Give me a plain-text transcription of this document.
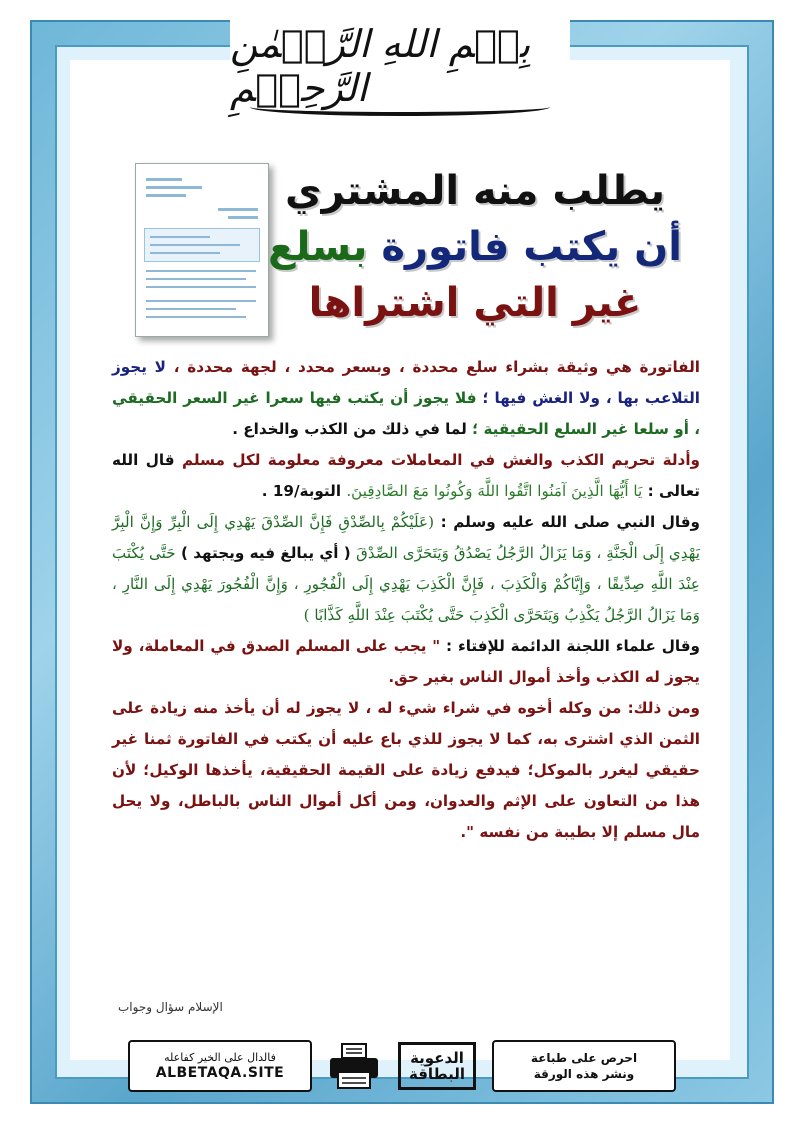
بِسۡمِ اللهِ الرَّحۡمٰنِ الرَّحِيۡمِ
يطلب منه المشتري
أن يكتب فاتورة بسلع
غير التي اشتراها

الفاتورة هي وثيقة بشراء سلع محددة ، وبسعر محدد ، لجهة محددة ، لا يجوز التلاعب بها ، ولا الغش فيها ؛ فلا يجوز أن يكتب فيها سعرا غير السعر الحقيقي ، أو سلعا غير السلع الحقيقية ؛ لما في ذلك من الكذب والخداع .

وأدلة تحريم الكذب والغش في المعاملات معروفة معلومة لكل مسلم قال الله تعالى : يَا أَيُّهَا الَّذِينَ آمَنُوا اتَّقُوا اللَّهَ وَكُونُوا مَعَ الصَّادِقِينَ. التوبة/19 .

وقال النبي صلى الله عليه وسلم : (عَلَيْكُمْ بِالصِّدْقِ فَإِنَّ الصِّدْقَ يَهْدِي إِلَى الْبِرِّ وَإِنَّ الْبِرَّ يَهْدِي إِلَى الْجَنَّةِ ، وَمَا يَزَالُ الرَّجُلُ يَصْدُقُ وَيَتَحَرَّى الصِّدْقَ ( أي يبالغ فيه ويجتهد ) حَتَّى يُكْتَبَ عِنْدَ اللَّهِ صِدِّيقًا ، وَإِيَّاكُمْ وَالْكَذِبَ ، فَإِنَّ الْكَذِبَ يَهْدِي إِلَى الْفُجُورِ ، وَإِنَّ الْفُجُورَ يَهْدِي إِلَى النَّارِ ، وَمَا يَزَالُ الرَّجُلُ يَكْذِبُ وَيَتَحَرَّى الْكَذِبَ حَتَّى يُكْتَبَ عِنْدَ اللَّهِ كَذَّابًا )

وقال علماء اللجنة الدائمة للإفتاء : " يجب على المسلم الصدق في المعاملة، ولا يجوز له الكذب وأخذ أموال الناس بغير حق.

ومن ذلك: من وكله أخوه في شراء شيء له ، لا يجوز له أن يأخذ منه زيادة على الثمن الذي اشترى به، كما لا يجوز للذي باع عليه أن يكتب في الفاتورة ثمنا غير حقيقي ليغرر بالموكل؛ فيدفع زيادة على القيمة الحقيقية، يأخذها الوكيل؛ لأن هذا من التعاون على الإثم والعدوان، ومن أكل أموال الناس بالباطل، ولا يحل مال مسلم إلا بطيبة من نفسه ".

الإسلام سؤال وجواب
فالدال على الخير كفاعله
ALBETAQA.SITE
الدعوية
البطاقة
احرص على طباعة
ونشر هذه الورقة
